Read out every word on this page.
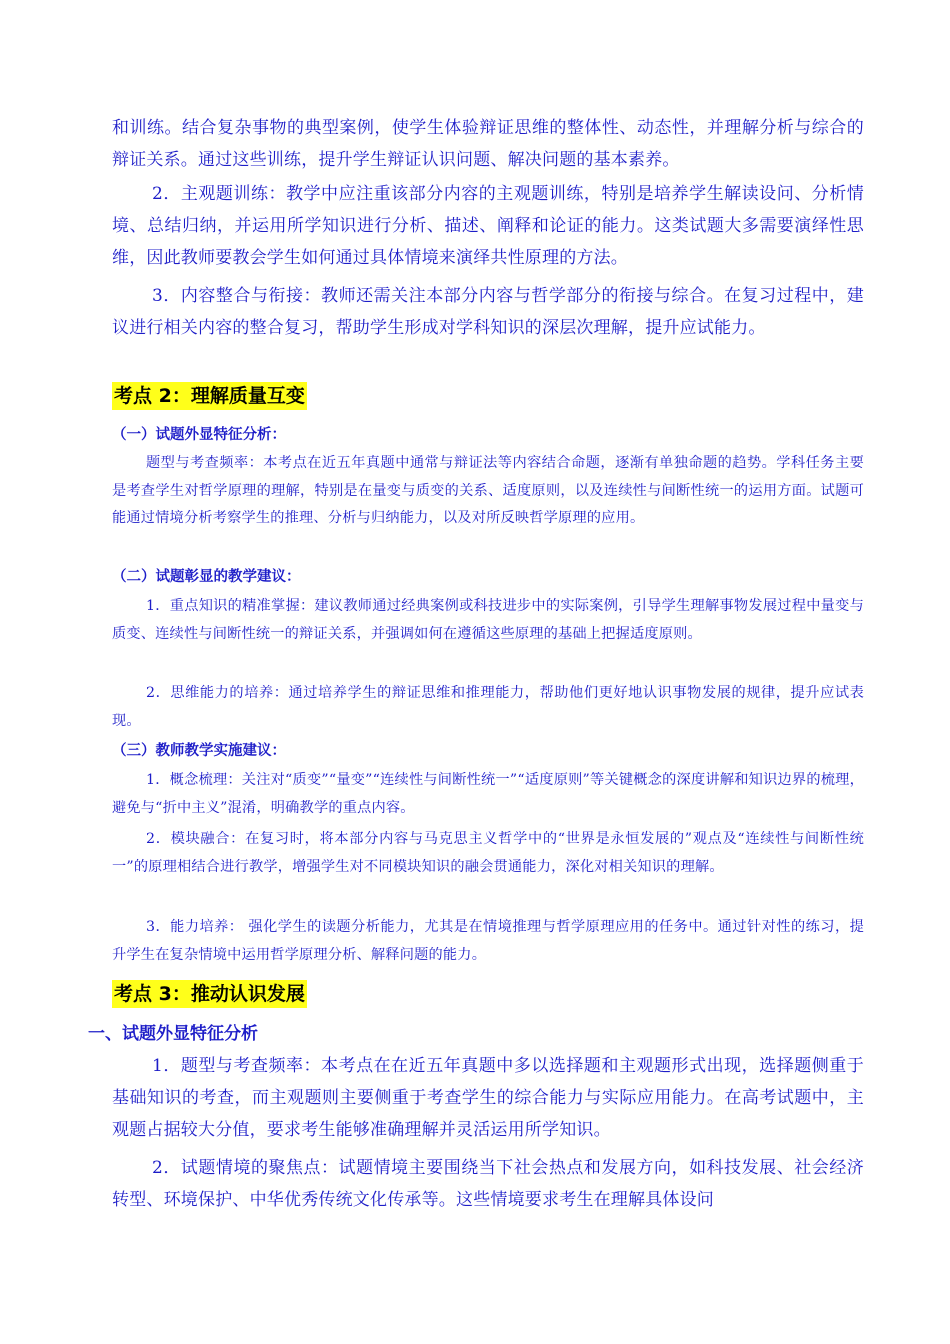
和训练。结合复杂事物的典型案例，使学生体验辩证思维的整体性、动态性，并理解分析与综合的辩证关系。通过这些训练，提升学生辩证认识问题、解决问题的基本素养。

2．主观题训练：教学中应注重该部分内容的主观题训练，特别是培养学生解读设问、分析情境、总结归纳，并运用所学知识进行分析、描述、阐释和论证的能力。这类试题大多需要演绎性思维，因此教师要教会学生如何通过具体情境来演绎共性原理的方法。

3．内容整合与衔接：教师还需关注本部分内容与哲学部分的衔接与综合。在复习过程中，建议进行相关内容的整合复习，帮助学生形成对学科知识的深层次理解，提升应试能力。

考点 2：理解质量互变
（一）试题外显特征分析：

题型与考查频率：本考点在近五年真题中通常与辩证法等内容结合命题，逐渐有单独命题的趋势。学科任务主要是考查学生对哲学原理的理解，特别是在量变与质变的关系、适度原则，以及连续性与间断性统一的运用方面。试题可能通过情境分析考察学生的推理、分析与归纳能力，以及对所反映哲学原理的应用。

（二）试题彰显的教学建议：

1．重点知识的精准掌握：建议教师通过经典案例或科技进步中的实际案例，引导学生理解事物发展过程中量变与质变、连续性与间断性统一的辩证关系，并强调如何在遵循这些原理的基础上把握适度原则。

2．思维能力的培养：通过培养学生的辩证思维和推理能力，帮助他们更好地认识事物发展的规律，提升应试表现。

（三）教师教学实施建议：

1．概念梳理：关注对“质变”“量变”“连续性与间断性统一”“适度原则”等关键概念的深度讲解和知识边界的梳理，避免与“折中主义”混淆，明确教学的重点内容。

2．模块融合：在复习时，将本部分内容与马克思主义哲学中的“世界是永恒发展的”观点及“连续性与间断性统一”的原理相结合进行教学，增强学生对不同模块知识的融会贯通能力，深化对相关知识的理解。

3．能力培养： 强化学生的读题分析能力，尤其是在情境推理与哲学原理应用的任务中。通过针对性的练习，提升学生在复杂情境中运用哲学原理分析、解释问题的能力。

考点 3：推动认识发展
一、试题外显特征分析

1．题型与考查频率：本考点在在近五年真题中多以选择题和主观题形式出现，选择题侧重于基础知识的考查，而主观题则主要侧重于考查学生的综合能力与实际应用能力。在高考试题中，主观题占据较大分值，要求考生能够准确理解并灵活运用所学知识。

2．试题情境的聚焦点：试题情境主要围绕当下社会热点和发展方向，如科技发展、社会经济转型、环境保护、中华优秀传统文化传承等。这些情境要求考生在理解具体设问
